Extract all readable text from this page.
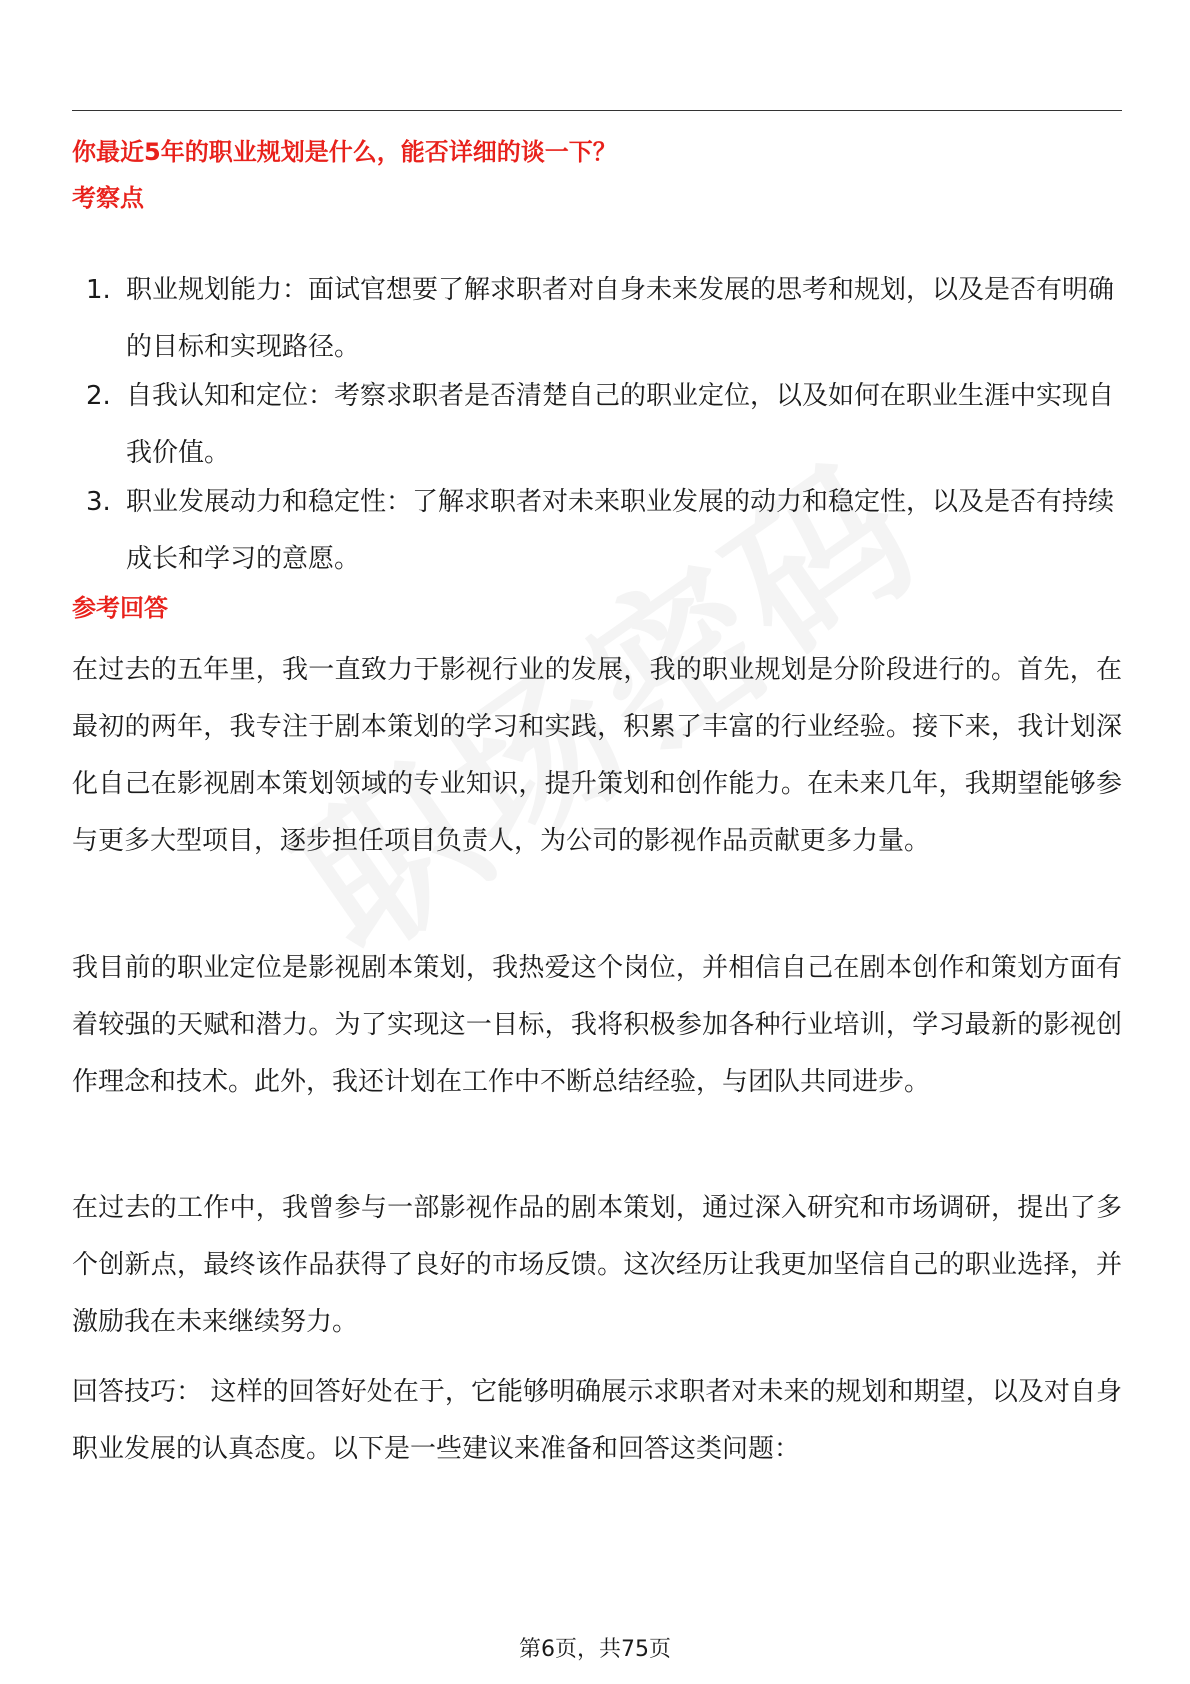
你最近5年的职业规划是什么，能否详细的谈一下？
考察点
1. 职业规划能力：面试官想要了解求职者对自身未来发展的思考和规划，以及是否有明确的目标和实现路径。
2. 自我认知和定位：考察求职者是否清楚自己的职业定位，以及如何在职业生涯中实现自我价值。
3. 职业发展动力和稳定性：了解求职者对未来职业发展的动力和稳定性，以及是否有持续成长和学习的意愿。
参考回答

在过去的五年里，我一直致力于影视行业的发展，我的职业规划是分阶段进行的。首先，在最初的两年，我专注于剧本策划的学习和实践，积累了丰富的行业经验。接下来，我计划深化自己在影视剧本策划领域的专业知识，提升策划和创作能力。在未来几年，我期望能够参与更多大型项目，逐步担任项目负责人，为公司的影视作品贡献更多力量。

我目前的职业定位是影视剧本策划，我热爱这个岗位，并相信自己在剧本创作和策划方面有着较强的天赋和潜力。为了实现这一目标，我将积极参加各种行业培训，学习最新的影视创作理念和技术。此外，我还计划在工作中不断总结经验，与团队共同进步。

在过去的工作中，我曾参与一部影视作品的剧本策划，通过深入研究和市场调研，提出了多个创新点，最终该作品获得了良好的市场反馈。这次经历让我更加坚信自己的职业选择，并激励我在未来继续努力。

回答技巧： 这样的回答好处在于，它能够明确展示求职者对未来的规划和期望，以及对自身职业发展的认真态度。以下是一些建议来准备和回答这类问题：

第6页，共75页
